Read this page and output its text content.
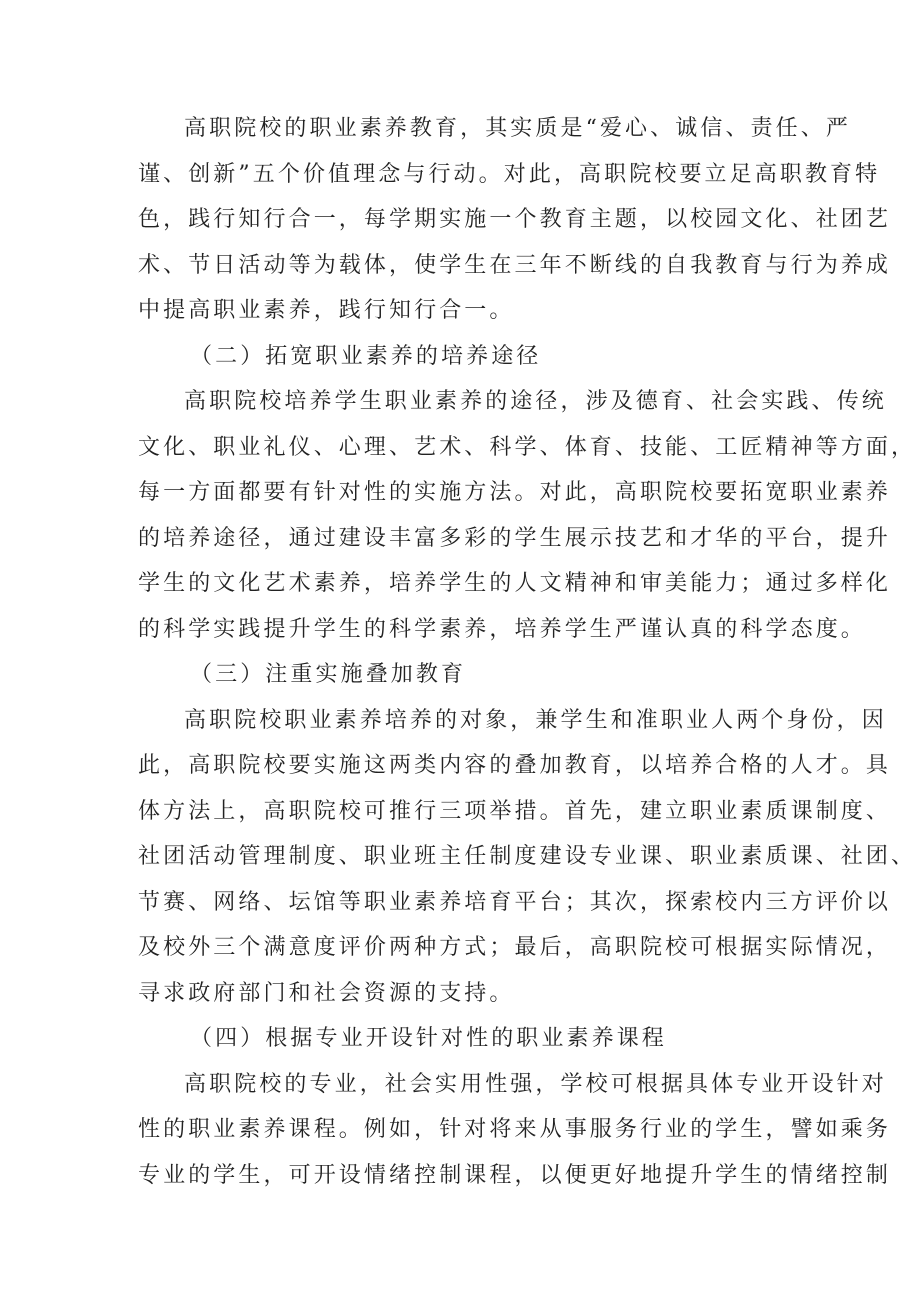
高职院校的职业素养教育，其实质是“爱心、诚信、责任、严
谨、创新”五个价值理念与行动。对此，高职院校要立足高职教育特
色，践行知行合一，每学期实施一个教育主题，以校园文化、社团艺
术、节日活动等为载体，使学生在三年不断线的自我教育与行为养成
中提高职业素养，践行知行合一。
（二）拓宽职业素养的培养途径
高职院校培养学生职业素养的途径，涉及德育、社会实践、传统
文化、职业礼仪、心理、艺术、科学、体育、技能、工匠精神等方面，
每一方面都要有针对性的实施方法。对此，高职院校要拓宽职业素养
的培养途径，通过建设丰富多彩的学生展示技艺和才华的平台，提升
学生的文化艺术素养，培养学生的人文精神和审美能力；通过多样化
的科学实践提升学生的科学素养，培养学生严谨认真的科学态度。
（三）注重实施叠加教育
高职院校职业素养培养的对象，兼学生和准职业人两个身份，因
此，高职院校要实施这两类内容的叠加教育，以培养合格的人才。具
体方法上，高职院校可推行三项举措。首先，建立职业素质课制度、
社团活动管理制度、职业班主任制度建设专业课、职业素质课、社团、
节赛、网络、坛馆等职业素养培育平台；其次，探索校内三方评价以
及校外三个满意度评价两种方式；最后，高职院校可根据实际情况，
寻求政府部门和社会资源的支持。
（四）根据专业开设针对性的职业素养课程
高职院校的专业，社会实用性强，学校可根据具体专业开设针对
性的职业素养课程。例如，针对将来从事服务行业的学生，譬如乘务
专业的学生，可开设情绪控制课程，以便更好地提升学生的情绪控制
